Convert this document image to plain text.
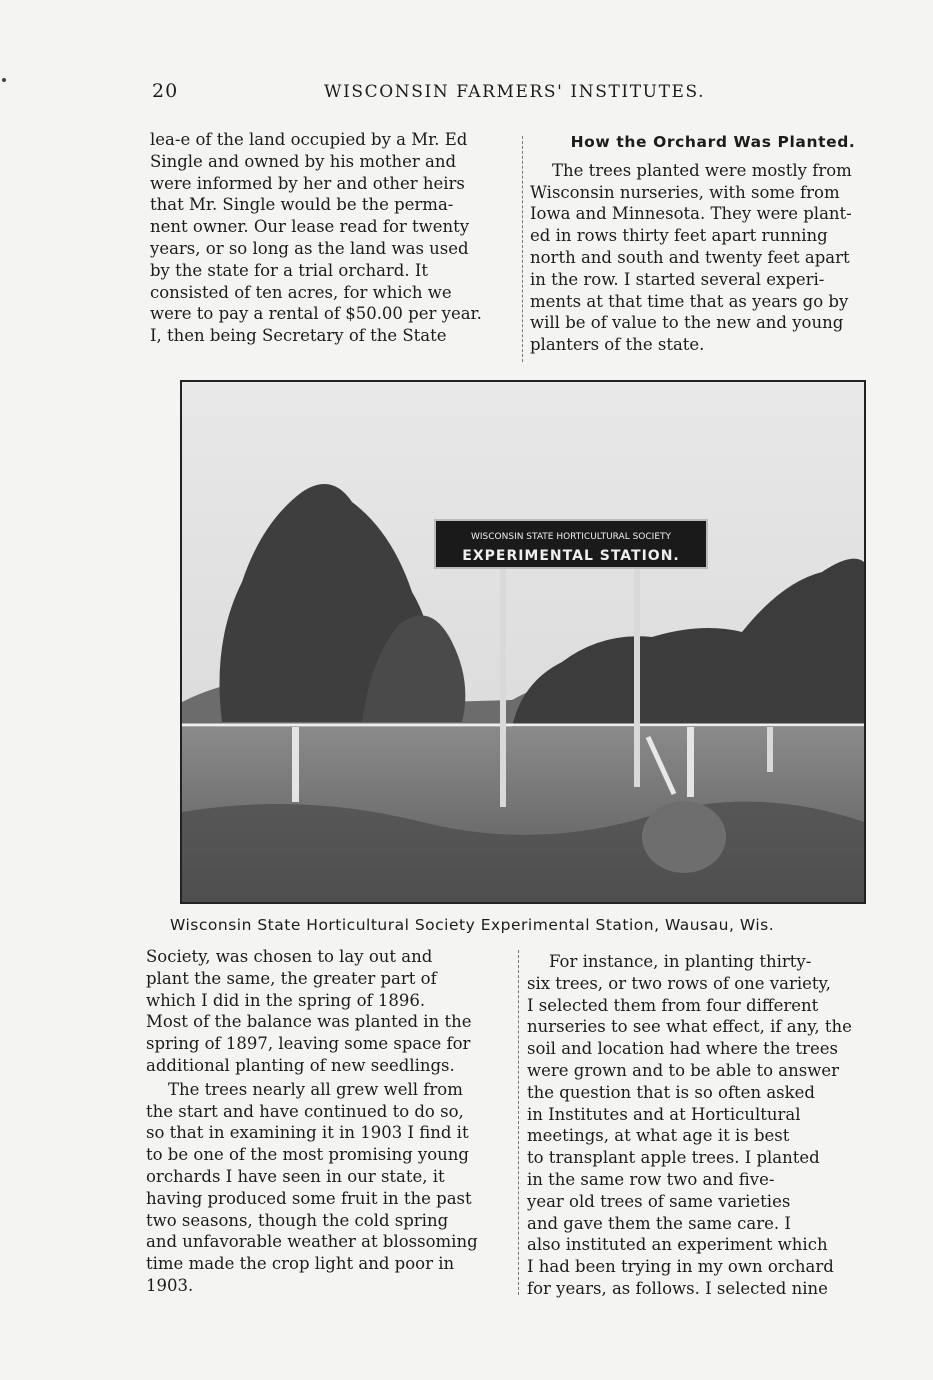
20	WISCONSIN FARMERS' INSTITUTES.

lea-e of the land occupied by a Mr. Ed
Single and owned by his mother and
were informed by her and other heirs
that Mr. Single would be the perma-
nent owner. Our lease read for twenty
years, or so long as the land was used
by the state for a trial orchard. It
consisted of ten acres, for which we
were to pay a rental of $50.00 per year.
I, then being Secretary of the State

How the Orchard Was Planted.

The trees planted were mostly from
Wisconsin nurseries, with some from
Iowa and Minnesota. They were plant-
ed in rows thirty feet apart running
north and south and twenty feet apart
in the row. I started several experi-
ments at that time that as years go by
will be of value to the new and young
planters of the state.

WISCONSIN STATE HORTICULTURAL SOCIETY
EXPERIMENTAL STATION.
Wisconsin State Horticultural Society Experimental Station, Wausau, Wis.

Society, was chosen to lay out and
plant the same, the greater part of
which I did in the spring of 1896.
Most of the balance was planted in the
spring of 1897, leaving some space for
additional planting of new seedlings.

The trees nearly all grew well from
the start and have continued to do so,
so that in examining it in 1903 I find it
to be one of the most promising young
orchards I have seen in our state, it
having produced some fruit in the past
two seasons, though the cold spring
and unfavorable weather at blossoming
time made the crop light and poor in
1903.

For instance, in planting thirty-
six trees, or two rows of one variety,
I selected them from four different
nurseries to see what effect, if any, the
soil and location had where the trees
were grown and to be able to answer
the question that is so often asked
in Institutes and at Horticultural
meetings, at what age it is best
to transplant apple trees. I planted
in the same row two and five-
year old trees of same varieties
and gave them the same care. I
also instituted an experiment which
I had been trying in my own orchard
for years, as follows. I selected nine
